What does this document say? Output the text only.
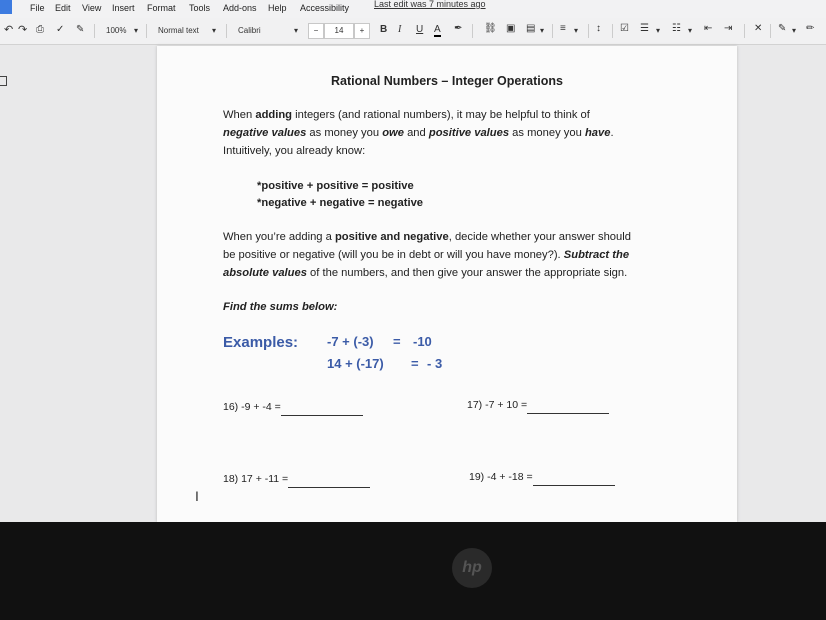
File Edit View Insert Format Tools Add-ons Help Accessibility	Last edit was 7 minutes ago
↶ ↷ ⎙ ✓ ✎	100% ▾ Normal text ▾	Calibri	▾	−	14	+	B I U A ✒ ⛓ ▣ ▤ ▾ ≡ ▾ ↕ ☑ ☰ ▾ ☷ ▾ ⇤ ⇥ ✕ ✎ ▾ ✏
Rational Numbers – Integer Operations
When adding integers (and rational numbers), it may be helpful to think of
negative values as money you owe and positive values as money you have.
Intuitively, you already know:
*positive + positive = positive
*negative + negative = negative
When you’re adding a positive and negative, decide whether your answer should
be positive or negative (will you be in debt or will you have money?). Subtract the
absolute values of the numbers, and then give your answer the appropriate sign.
Find the sums below:
Examples: -7 + (-3) = -10
14 + (-17) = - 3
16) -9 + -4 =	17) -7 + 10 =
18) 17 + -11 =	19) -4 + -18 =
I
hp
